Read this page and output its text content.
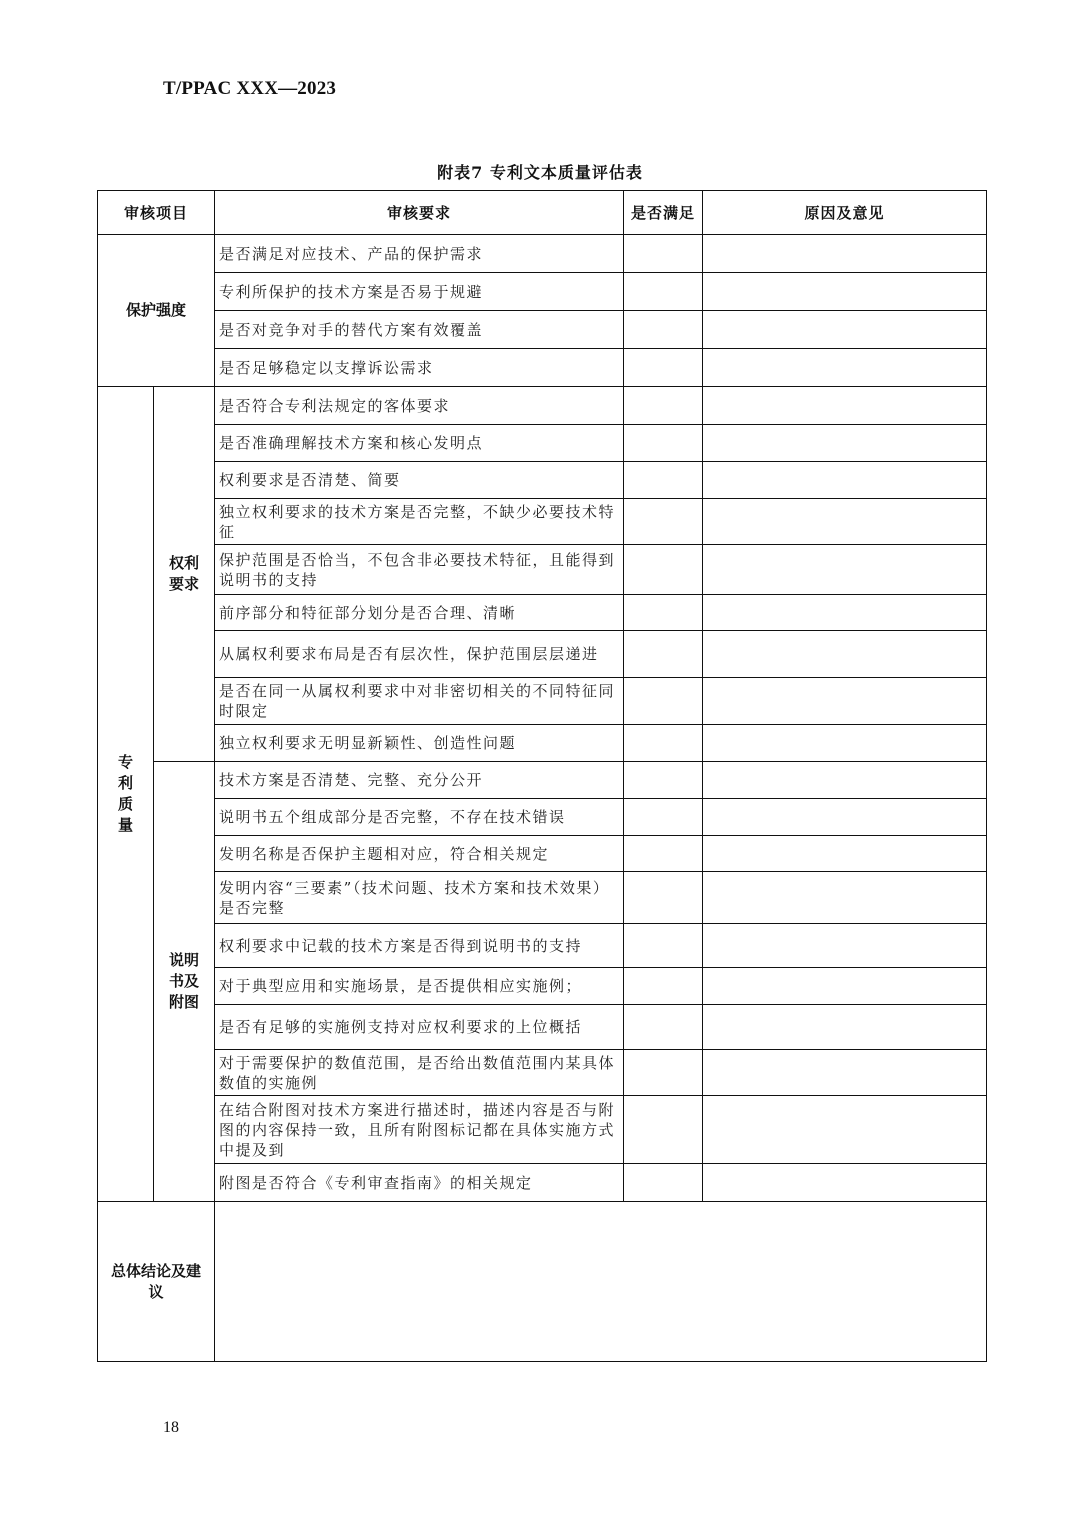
T/PPAC XXX—2023
附表7 专利文本质量评估表
审核项目		审核要求	是否满足	原因及意见
保护强度		是否满足对应技术、产品的保护需求		
		专利所保护的技术方案是否易于规避		
		是否对竞争对手的替代方案有效覆盖		
		是否足够稳定以支撑诉讼需求		
专利质量	权利要求	是否符合专利法规定的客体要求		
		是否准确理解技术方案和核心发明点		
		权利要求是否清楚、简要		
		独立权利要求的技术方案是否完整，不缺少必要技术特征		
		保护范围是否恰当，不包含非必要技术特征，且能得到说明书的支持		
		前序部分和特征部分划分是否合理、清晰		
		从属权利要求布局是否有层次性，保护范围层层递进		
		是否在同一从属权利要求中对非密切相关的不同特征同时限定		
		独立权利要求无明显新颖性、创造性问题		
	说明书及附图	技术方案是否清楚、完整、充分公开		
		说明书五个组成部分是否完整，不存在技术错误		
		发明名称是否保护主题相对应，符合相关规定		
		发明内容“三要素”（技术问题、技术方案和技术效果）是否完整		
		权利要求中记载的技术方案是否得到说明书的支持		
		对于典型应用和实施场景，是否提供相应实施例；		
		是否有足够的实施例支持对应权利要求的上位概括		
		对于需要保护的数值范围，是否给出数值范围内某具体数值的实施例		
		在结合附图对技术方案进行描述时，描述内容是否与附图的内容保持一致，且所有附图标记都在具体实施方式中提及到		
		附图是否符合《专利审查指南》的相关规定		
总体结论及建议				
18
